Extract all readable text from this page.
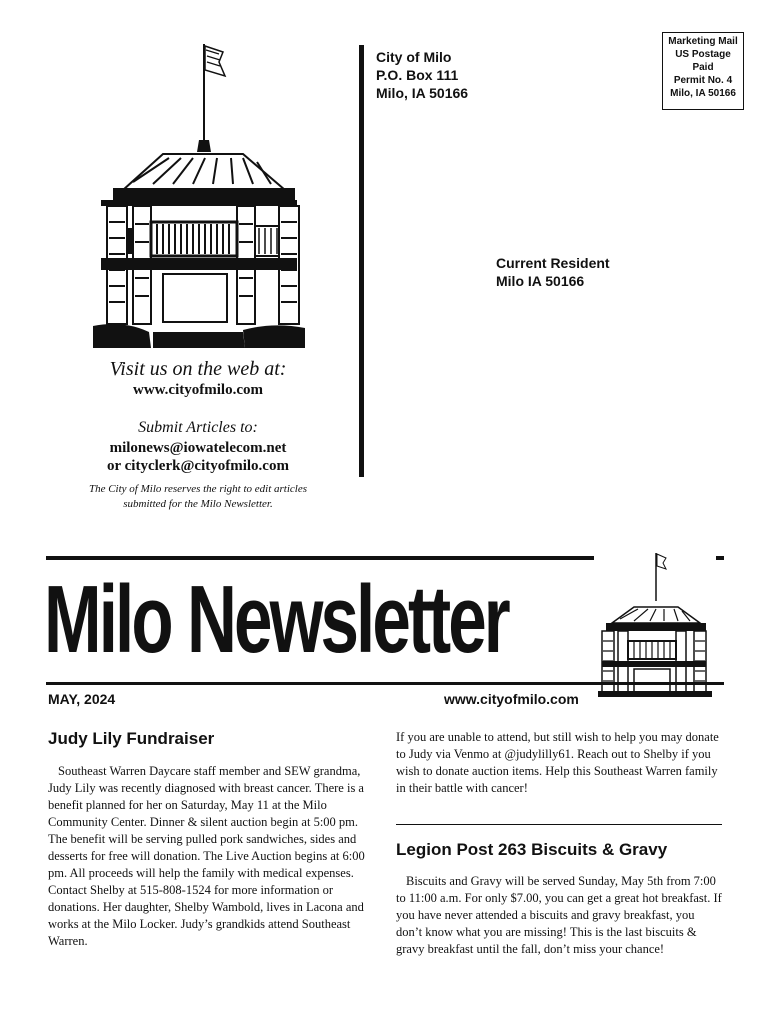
City of Milo
P.O. Box 111
Milo, IA 50166
Marketing Mail
US Postage
Paid
Permit No. 4
Milo, IA 50166
Current Resident
Milo IA 50166
Visit us on the web at:
www.cityofmilo.com
Submit Articles to:
milonews@iowatelecom.net
or cityclerk@cityofmilo.com
The City of Milo reserves the right to edit articles
submitted for the Milo Newsletter.
Milo Newsletter
MAY, 2024	www.cityofmilo.com
Judy Lily Fundraiser
Southeast Warren Daycare staff member and SEW grandma, Judy Lily was recently diagnosed with breast cancer. There is a benefit planned for her on Saturday, May 11 at the Milo Community Center. Dinner & silent auction begin at 5:00 pm. The benefit will be serving pulled pork sandwiches, sides and desserts for free will donation. The Live Auction begins at 6:00 pm. All proceeds will help the family with medical expenses. Contact Shelby at 515-808-1524 for more information or donations. Her daughter, Shelby Wambold, lives in Lacona and works at the Milo Locker. Judy’s grandkids attend Southeast Warren.
If you are unable to attend, but still wish to help you may donate to Judy via Venmo at @judylilly61. Reach out to Shelby if you wish to donate auction items. Help this Southeast Warren family in their battle with cancer!
Legion Post 263 Biscuits & Gravy
Biscuits and Gravy will be served Sunday, May 5th from 7:00 to 11:00 a.m. For only $7.00, you can get a great hot breakfast. If you have never attended a biscuits and gravy breakfast, you don’t know what you are missing! This is the last biscuits & gravy breakfast until the fall, don’t miss your chance!
